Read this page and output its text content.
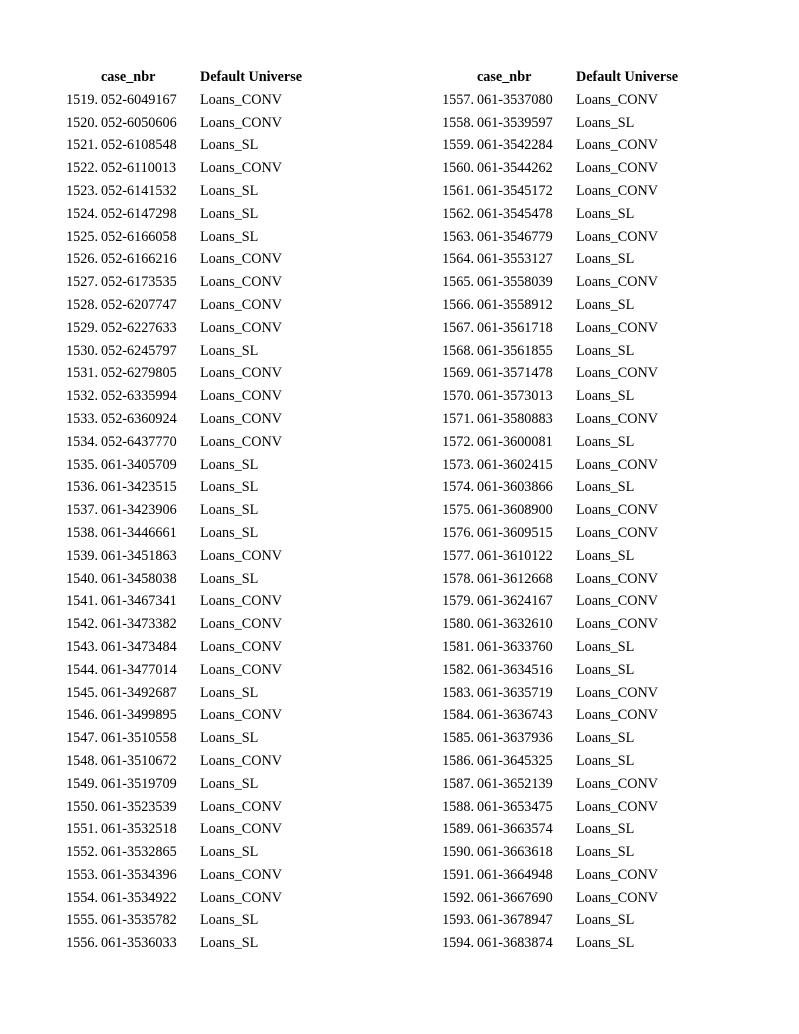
case_nbr	Default Universe
1519. 052-6049167 Loans_CONV
1520. 052-6050606 Loans_CONV
1521. 052-6108548 Loans_SL
1522. 052-6110013 Loans_CONV
1523. 052-6141532 Loans_SL
1524. 052-6147298 Loans_SL
1525. 052-6166058 Loans_SL
1526. 052-6166216 Loans_CONV
1527. 052-6173535 Loans_CONV
1528. 052-6207747 Loans_CONV
1529. 052-6227633 Loans_CONV
1530. 052-6245797 Loans_SL
1531. 052-6279805 Loans_CONV
1532. 052-6335994 Loans_CONV
1533. 052-6360924 Loans_CONV
1534. 052-6437770 Loans_CONV
1535. 061-3405709 Loans_SL
1536. 061-3423515 Loans_SL
1537. 061-3423906 Loans_SL
1538. 061-3446661 Loans_SL
1539. 061-3451863 Loans_CONV
1540. 061-3458038 Loans_SL
1541. 061-3467341 Loans_CONV
1542. 061-3473382 Loans_CONV
1543. 061-3473484 Loans_CONV
1544. 061-3477014 Loans_CONV
1545. 061-3492687 Loans_SL
1546. 061-3499895 Loans_CONV
1547. 061-3510558 Loans_SL
1548. 061-3510672 Loans_CONV
1549. 061-3519709 Loans_SL
1550. 061-3523539 Loans_CONV
1551. 061-3532518 Loans_CONV
1552. 061-3532865 Loans_SL
1553. 061-3534396 Loans_CONV
1554. 061-3534922 Loans_CONV
1555. 061-3535782 Loans_SL
1556. 061-3536033 Loans_SL
case_nbr	Default Universe
1557. 061-3537080 Loans_CONV
1558. 061-3539597 Loans_SL
1559. 061-3542284 Loans_CONV
1560. 061-3544262 Loans_CONV
1561. 061-3545172 Loans_CONV
1562. 061-3545478 Loans_SL
1563. 061-3546779 Loans_CONV
1564. 061-3553127 Loans_SL
1565. 061-3558039 Loans_CONV
1566. 061-3558912 Loans_SL
1567. 061-3561718 Loans_CONV
1568. 061-3561855 Loans_SL
1569. 061-3571478 Loans_CONV
1570. 061-3573013 Loans_SL
1571. 061-3580883 Loans_CONV
1572. 061-3600081 Loans_SL
1573. 061-3602415 Loans_CONV
1574. 061-3603866 Loans_SL
1575. 061-3608900 Loans_CONV
1576. 061-3609515 Loans_CONV
1577. 061-3610122 Loans_SL
1578. 061-3612668 Loans_CONV
1579. 061-3624167 Loans_CONV
1580. 061-3632610 Loans_CONV
1581. 061-3633760 Loans_SL
1582. 061-3634516 Loans_SL
1583. 061-3635719 Loans_CONV
1584. 061-3636743 Loans_CONV
1585. 061-3637936 Loans_SL
1586. 061-3645325 Loans_SL
1587. 061-3652139 Loans_CONV
1588. 061-3653475 Loans_CONV
1589. 061-3663574 Loans_SL
1590. 061-3663618 Loans_SL
1591. 061-3664948 Loans_CONV
1592. 061-3667690 Loans_CONV
1593. 061-3678947 Loans_SL
1594. 061-3683874 Loans_SL
